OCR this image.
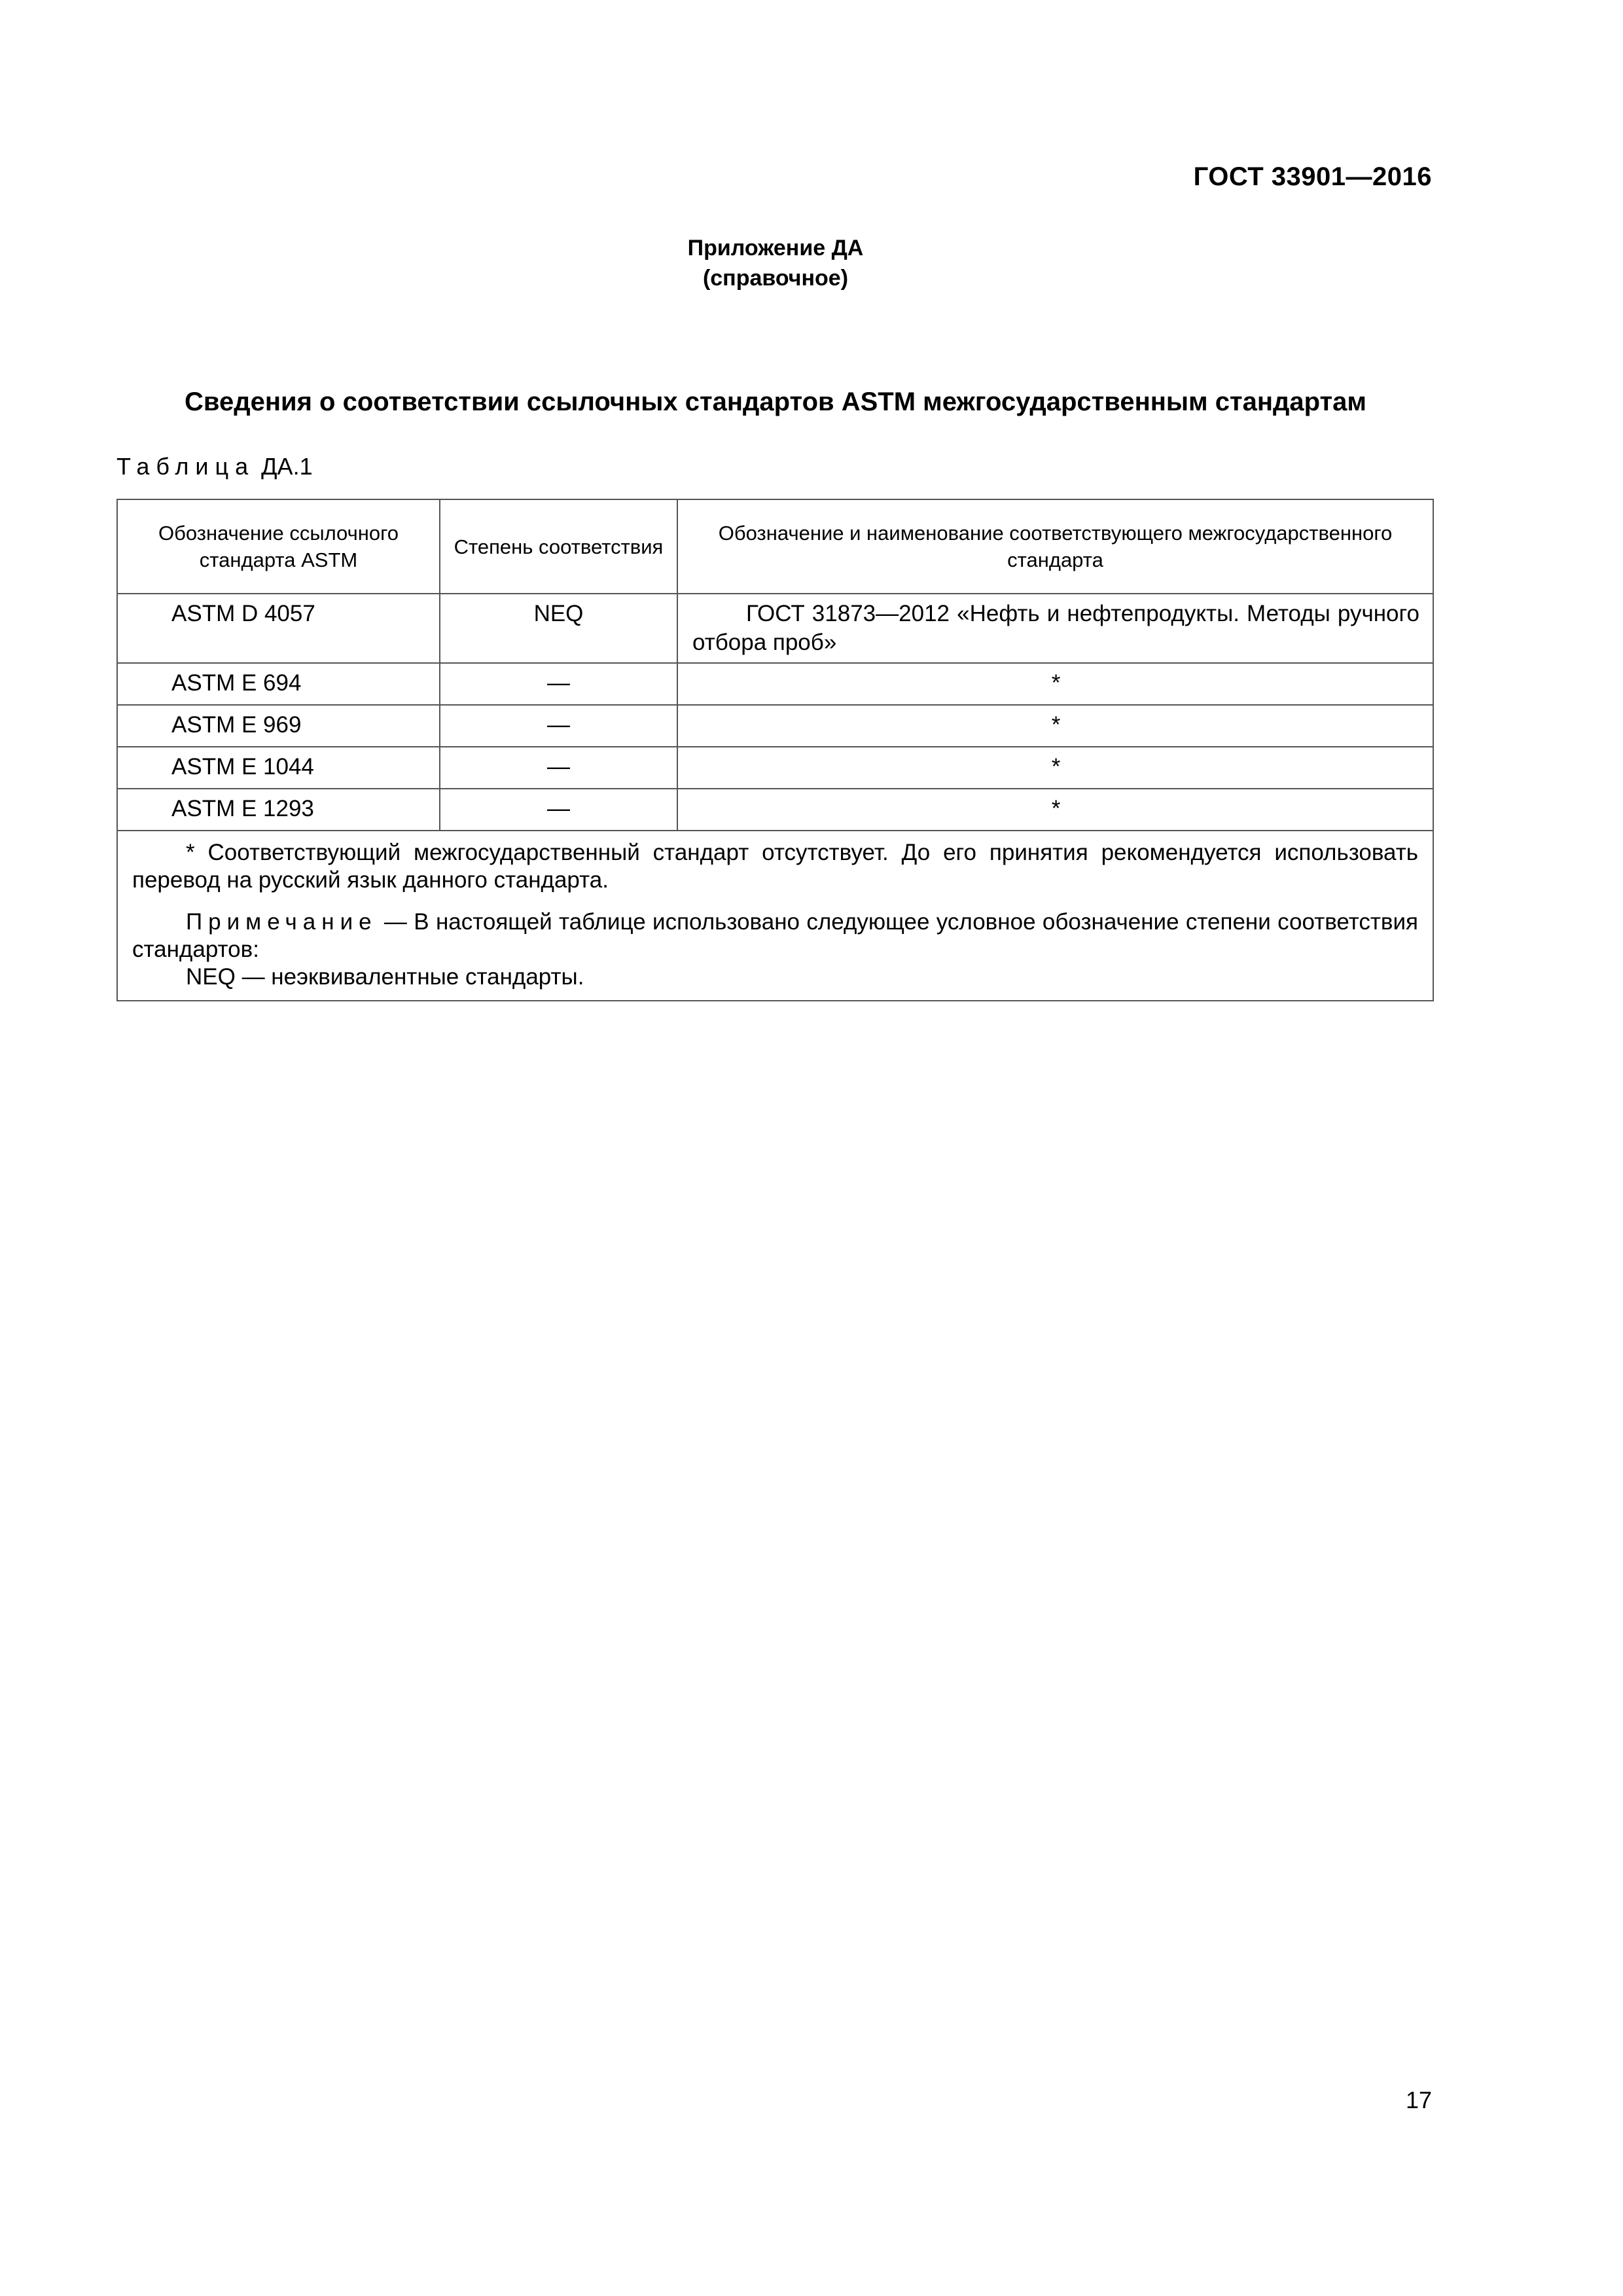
ГОСТ 33901—2016
Приложение ДА
(справочное)
Сведения о соответствии ссылочных стандартов ASTM межгосударственным стандартам
Таблица ДА.1
Обозначение ссылочного стандарта ASTM	Степень соответствия	Обозначение и наименование соответствующего межгосударственного стандарта
ASTM D 4057	NEQ	ГОСТ 31873—2012 «Нефть и нефтепродукты. Методы ручного отбора проб»
ASTM E 694	—	*
ASTM E 969	—	*
ASTM E 1044	—	*
ASTM E 1293	—	*

* Соответствующий межгосударственный стандарт отсутствует. До его принятия рекомендуется использовать перевод на русский язык данного стандарта.

Примечание — В настоящей таблице использовано следующее условное обозначение степени соответствия стандартов:

NEQ — неэквивалентные стандарты.		

17
